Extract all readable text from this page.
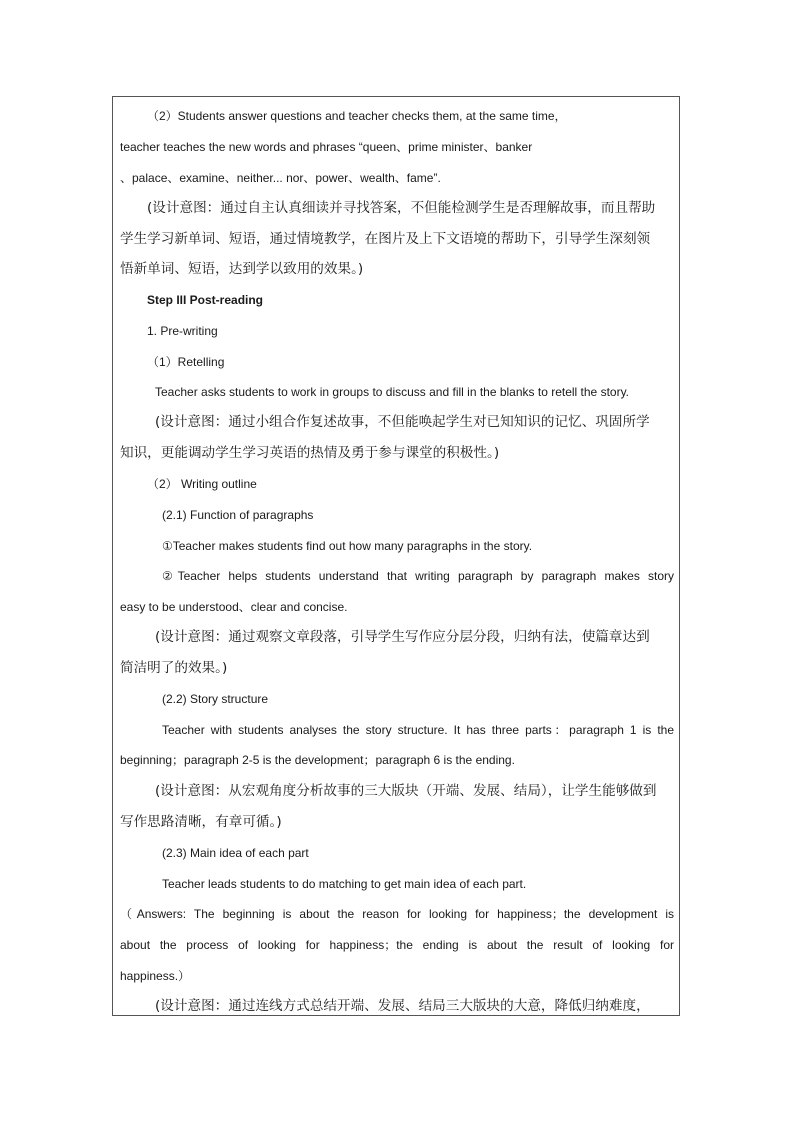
（2）Students answer questions and teacher checks them, at the same time，
teacher teaches the new words and phrases “queen、prime minister、banker
、palace、examine、neither... nor、power、wealth、fame”.
(设计意图：通过自主认真细读并寻找答案，不但能检测学生是否理解故事，而且帮助
学生学习新单词、短语，通过情境教学，在图片及上下文语境的帮助下，引导学生深刻领
悟新单词、短语，达到学以致用的效果。)
Step III Post-reading
1. Pre-writing
（1）Retelling
Teacher asks students to work in groups to discuss and fill in the blanks to retell the story.
(设计意图：通过小组合作复述故事，不但能唤起学生对已知知识的记忆、巩固所学
知识，更能调动学生学习英语的热情及勇于参与课堂的积极性。)
（2） Writing outline
(2.1) Function of paragraphs
①Teacher makes students find out how many paragraphs in the story.
②Teacher helps students understand that writing paragraph by paragraph makes story
easy to be understood、clear and concise.
(设计意图：通过观察文章段落，引导学生写作应分层分段，归纳有法，使篇章达到
简洁明了的效果。)
(2.2) Story structure
Teacher with students analyses the story structure. It has three parts：paragraph 1 is the
beginning；paragraph 2-5 is the development；paragraph 6 is the ending.
(设计意图：从宏观角度分析故事的三大版块（开端、发展、结局），让学生能够做到
写作思路清晰，有章可循。)
(2.3) Main idea of each part
Teacher leads students to do matching to get main idea of each part.
（Answers: The beginning is about the reason for looking for happiness；the development is
about the process of looking for happiness；the ending is about the result of looking for
happiness.）
(设计意图：通过连线方式总结开端、发展、结局三大版块的大意，降低归纳难度，
